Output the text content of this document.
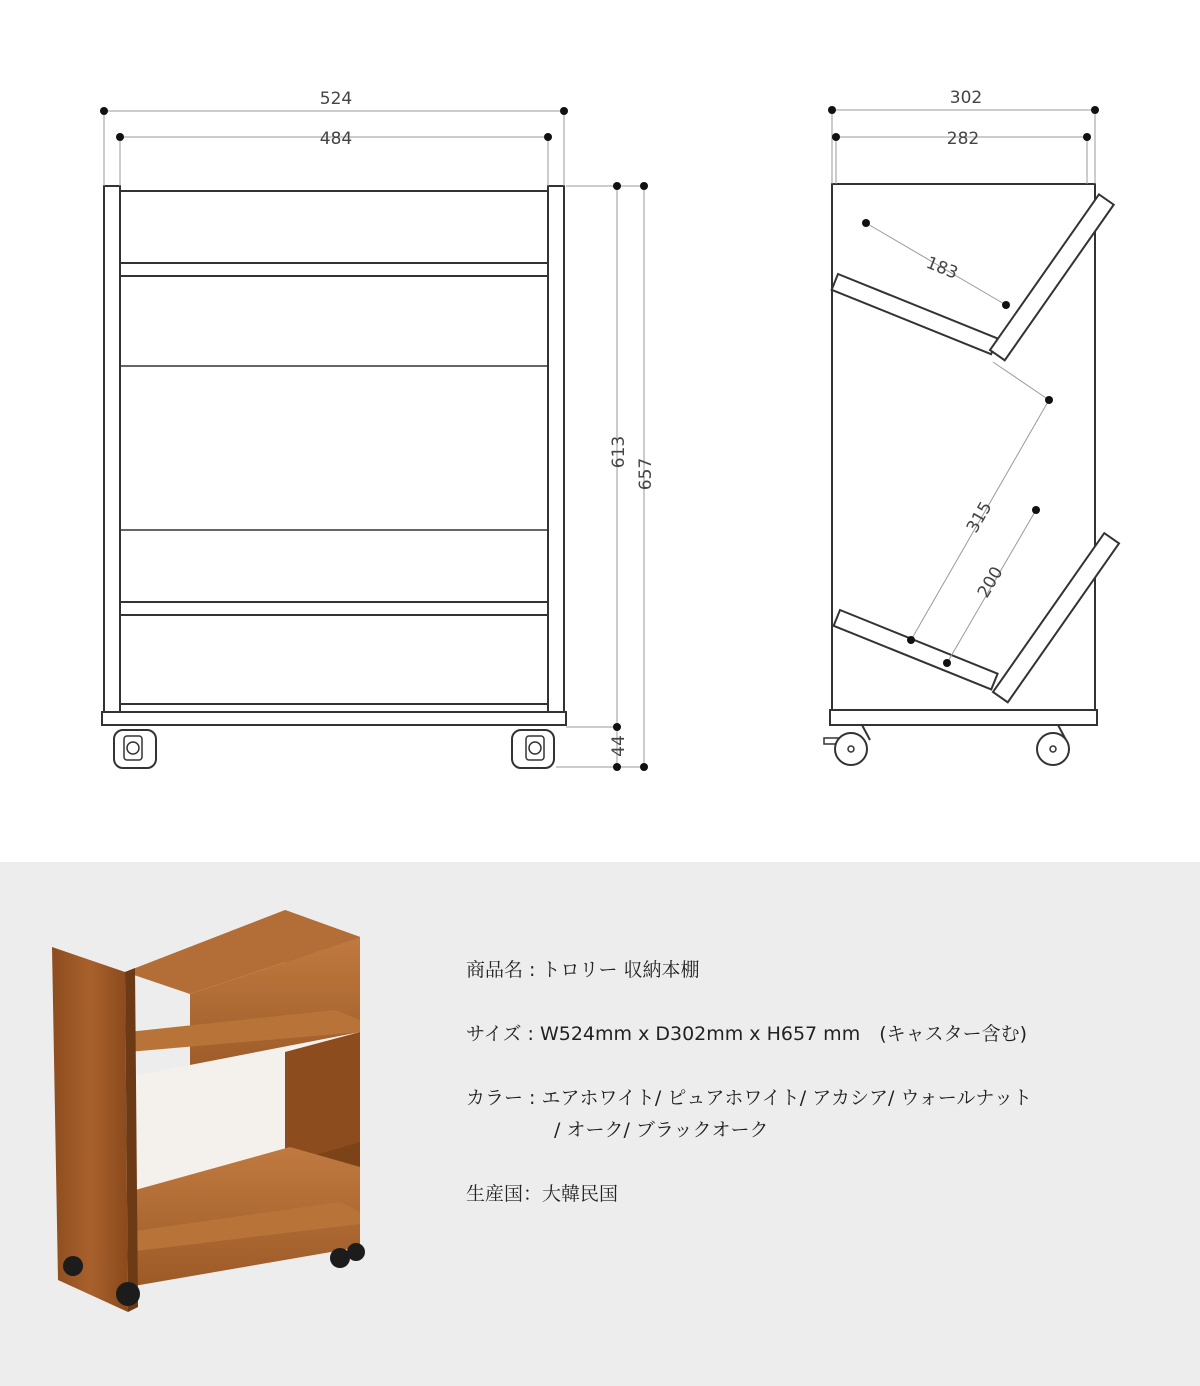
524
484
613
657
44
302
282
183
315
200
商品名 : トロリー 収納本棚
サイズ : W524mm x D302mm x H657 mm　(キャスター含む)
カラー : エアホワイト/ ピュアホワイト/ アカシア/ ウォールナット
/ オーク/ ブラックオーク
生産国：大韓民国
